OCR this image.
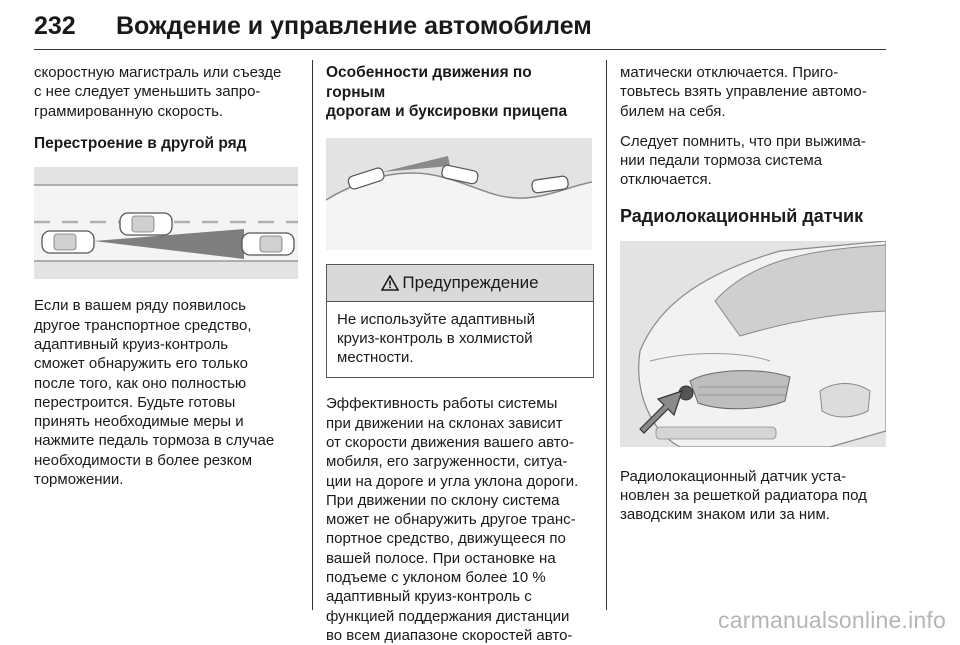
232 Вождение и управление автомобилем

скоростную магистраль или съезде

с нее следует уменьшить запро-

граммированную скорость.

Перестроение в другой ряд

Если в вашем ряду появилось

другое транспортное средство,

адаптивный круиз-контроль

сможет обнаружить его только

после того, как оно полностью

перестроится. Будьте готовы

принять необходимые меры и

нажмите педаль тормоза в случае

необходимости в более резком

торможении.

Особенности движения по горным
дорогам и буксировки прицепа
Предупреждение

Не используйте адаптивный

круиз-контроль в холмистой

местности.

Эффективность работы системы

при движении на склонах зависит

от скорости движения вашего авто-

мобиля, его загруженности, ситуа-

ции на дороге и угла уклона дороги.

При движении по склону система

может не обнаружить другое транс-

портное средство, движущееся по

вашей полосе. При остановке на

подъеме с уклоном более 10 %

адаптивный круиз-контроль с

функцией поддержания дистанции

во всем диапазоне скоростей авто-

матически отключается. Приго-

товьтесь взять управление автомо-

билем на себя.

Следует помнить, что при выжима-

нии педали тормоза система

отключается.

Радиолокационный датчик

Радиолокационный датчик уста-

новлен за решеткой радиатора под

заводским знаком или за ним.

carmanualsonline.info
